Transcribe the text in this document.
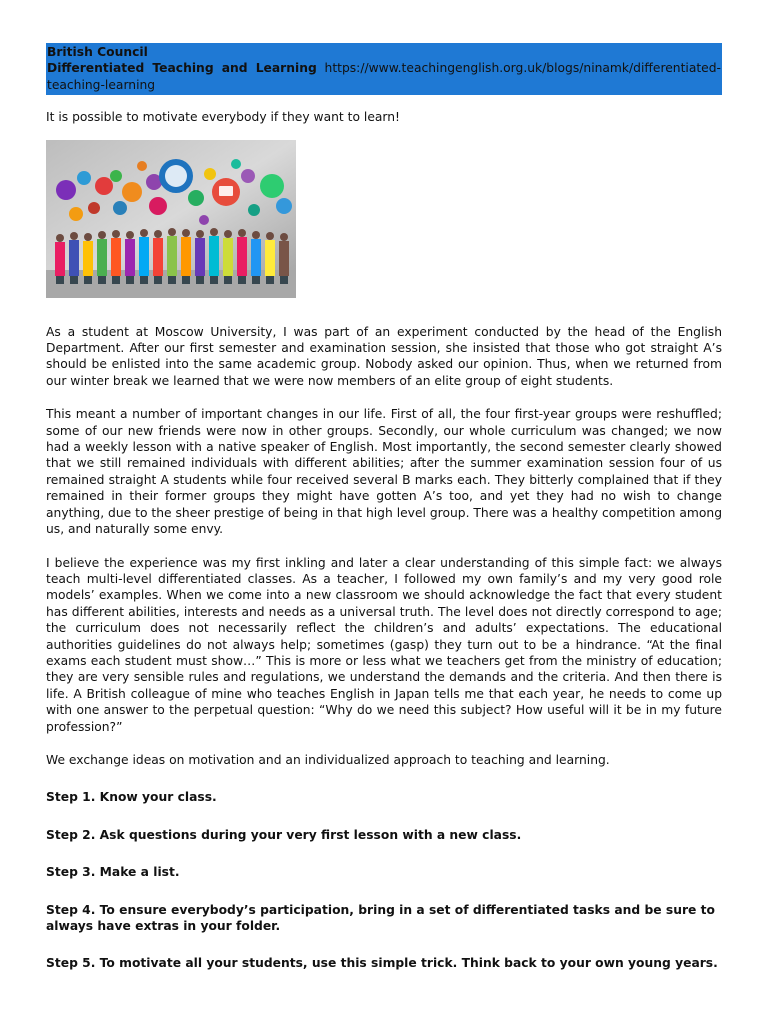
British Council
Differentiated Teaching and Learning https://www.teachingenglish.org.uk/blogs/ninamk/differentiated-teaching-learning

It is possible to motivate everybody if they want to learn!

As a student at Moscow University, I was part of an experiment conducted by the head of the English Department. After our first semester and examination session, she insisted that those who got straight A’s should be enlisted into the same academic group. Nobody asked our opinion. Thus, when we returned from our winter break we learned that we were now members of an elite group of eight students.

This meant a number of important changes in our life. First of all, the four first-year groups were reshuffled; some of our new friends were now in other groups. Secondly, our whole curriculum was changed; we now had a weekly lesson with a native speaker of English. Most importantly, the second semester clearly showed that we still remained individuals with different abilities; after the summer examination session four of us remained straight A students while four received several B marks each. They bitterly complained that if they remained in their former groups they might have gotten A’s too, and yet they had no wish to change anything, due to the sheer prestige of being in that high level group. There was a healthy competition among us, and naturally some envy.

I believe the experience was my first inkling and later a clear understanding of this simple fact: we always teach multi-level differentiated classes. As a teacher, I followed my own family’s and my very good role models’ examples. When we come into a new classroom we should acknowledge the fact that every student has different abilities, interests and needs as a universal truth. The level does not directly correspond to age; the curriculum does not necessarily reflect the children’s and adults’ expectations. The educational authorities guidelines do not always help; sometimes (gasp) they turn out to be a hindrance. “At the final exams each student must show…” This is more or less what we teachers get from the ministry of education; they are very sensible rules and regulations, we understand the demands and the criteria. And then there is life. A British colleague of mine who teaches English in Japan tells me that each year, he needs to come up with one answer to the perpetual question: “Why do we need this subject? How useful will it be in my future profession?”

We exchange ideas on motivation and an individualized approach to teaching and learning.

Step 1. Know your class.

Step 2. Ask questions during your very first lesson with a new class.

Step 3. Make a list.

Step 4. To ensure everybody’s participation, bring in a set of differentiated tasks and be sure to always have extras in your folder.

Step 5. To motivate all your students, use this simple trick. Think back to your own young years.
